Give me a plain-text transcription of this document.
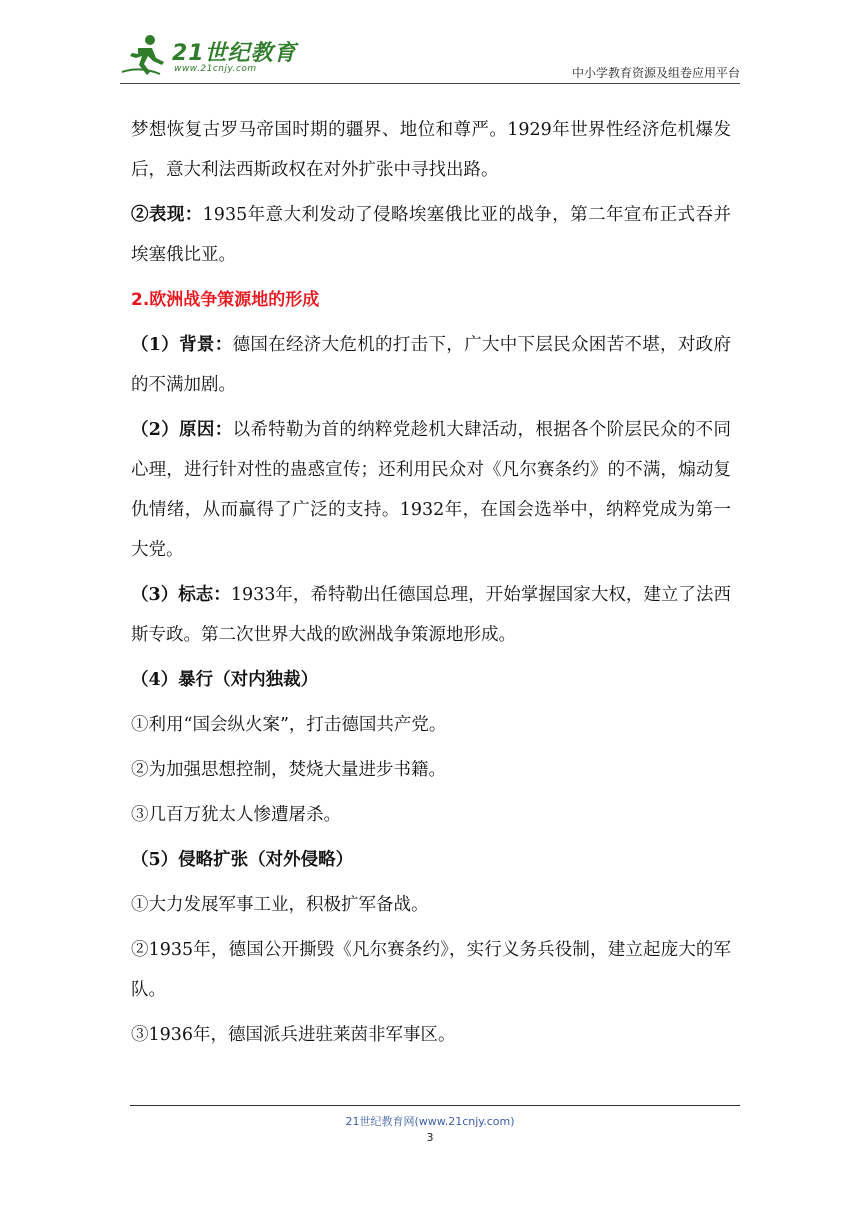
21世纪教育
www.21cnjy.com	中小学教育资源及组卷应用平台

梦想恢复古罗马帝国时期的疆界、地位和尊严。1929年世界性经济危机爆发后，意大利法西斯政权在对外扩张中寻找出路。

②表现：1935年意大利发动了侵略埃塞俄比亚的战争，第二年宣布正式吞并埃塞俄比亚。

2.欧洲战争策源地的形成

（1）背景：德国在经济大危机的打击下，广大中下层民众困苦不堪，对政府的不满加剧。

（2）原因：以希特勒为首的纳粹党趁机大肆活动，根据各个阶层民众的不同心理，进行针对性的蛊惑宣传；还利用民众对《凡尔赛条约》的不满，煽动复仇情绪，从而赢得了广泛的支持。1932年，在国会选举中，纳粹党成为第一大党。

（3）标志：1933年，希特勒出任德国总理，开始掌握国家大权，建立了法西斯专政。第二次世界大战的欧洲战争策源地形成。

（4）暴行（对内独裁）

①利用“国会纵火案”，打击德国共产党。

②为加强思想控制，焚烧大量进步书籍。

③几百万犹太人惨遭屠杀。

（5）侵略扩张（对外侵略）

①大力发展军事工业，积极扩军备战。

②1935年，德国公开撕毁《凡尔赛条约》，实行义务兵役制，建立起庞大的军队。

③1936年，德国派兵进驻莱茵非军事区。

21世纪教育网(www.21cnjy.com)
3
